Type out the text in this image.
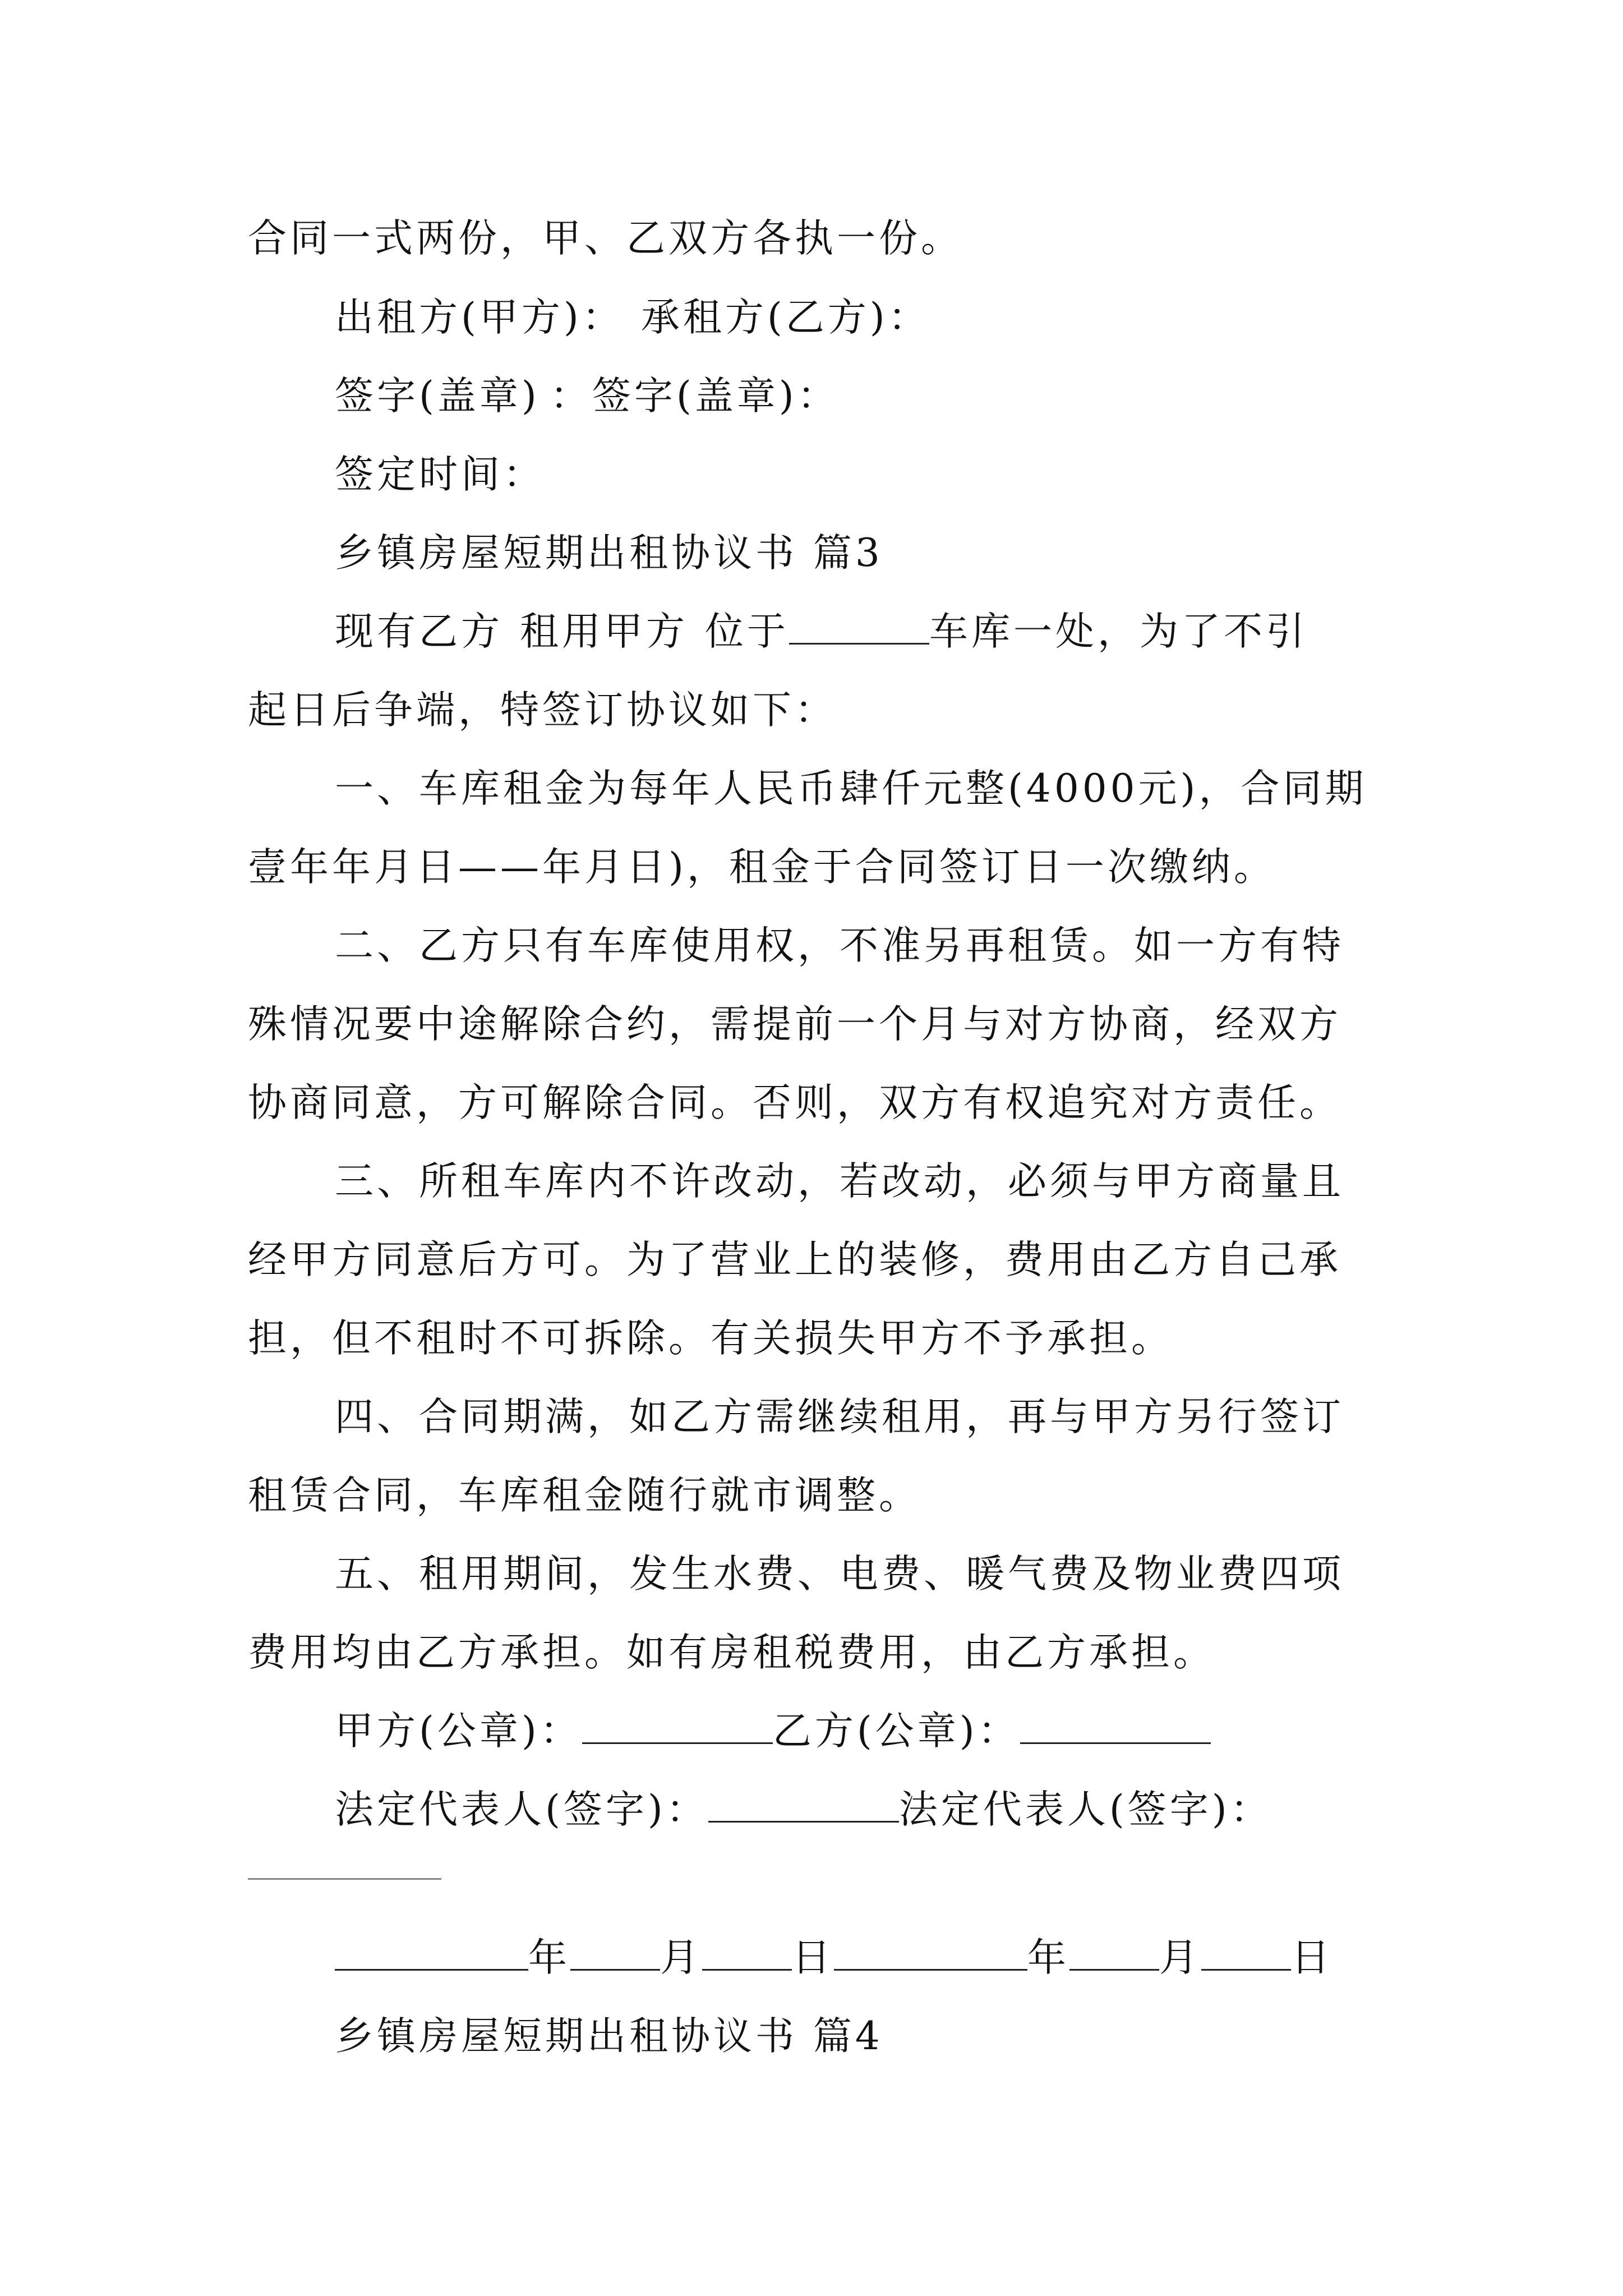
合同一式两份，甲、乙双方各执一份。
出租方(甲方)： 承租方(乙方)：
签字(盖章) ：签字(盖章)：
签定时间：
乡镇房屋短期出租协议书 篇3
现有乙方 租用甲方 位于	车库一处，为了不引
起日后争端，特签订协议如下：
一、车库租金为每年人民币肆仟元整(4000元)，合同期
壹年年月日——年月日)，租金于合同签订日一次缴纳。
二、乙方只有车库使用权，不准另再租赁。如一方有特
殊情况要中途解除合约，需提前一个月与对方协商，经双方
协商同意，方可解除合同。否则，双方有权追究对方责任。
三、所租车库内不许改动，若改动，必须与甲方商量且
经甲方同意后方可。为了营业上的装修，费用由乙方自己承
担，但不租时不可拆除。有关损失甲方不予承担。
四、合同期满，如乙方需继续租用，再与甲方另行签订
租赁合同，车库租金随行就市调整。
五、租用期间，发生水费、电费、暖气费及物业费四项
费用均由乙方承担。如有房租税费用，由乙方承担。
甲方(公章)：	乙方(公章)：
法定代表人(签字)：	法定代表人(签字)：
年 月 日	年 月 日
乡镇房屋短期出租协议书 篇4
